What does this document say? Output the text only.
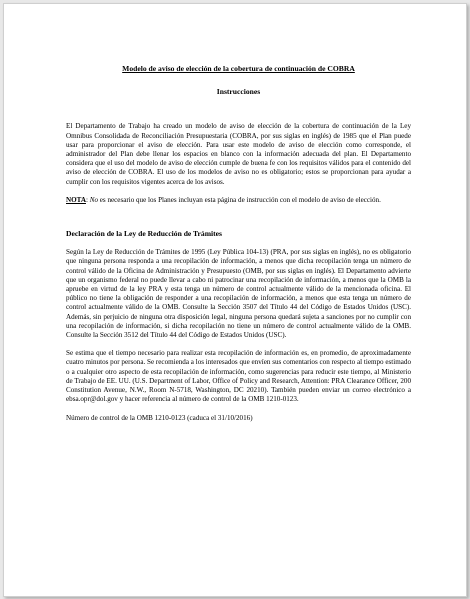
Modelo de aviso de elección de la cobertura de continuación de COBRA
Instrucciones

El Departamento de Trabajo ha creado un modelo de aviso de elección de la cobertura de continuación de la Ley Omnibus Consolidada de Reconciliación Presupuestaria (COBRA, por sus siglas en inglés) de 1985 que el Plan puede usar para proporcionar el aviso de elección. Para usar este modelo de aviso de elección como corresponde, el administrador del Plan debe llenar los espacios en blanco con la información adecuada del plan. El Departamento considera que el uso del modelo de aviso de elección cumple de buena fe con los requisitos válidos para el contenido del aviso de elección de COBRA. El uso de los modelos de aviso no es obligatorio; estos se proporcionan para ayudar a cumplir con los requisitos vigentes acerca de los avisos.

NOTA: No es necesario que los Planes incluyan esta página de instrucción con el modelo de aviso de elección.

Declaración de la Ley de Reducción de Trámites

Según la Ley de Reducción de Trámites de 1995 (Ley Pública 104-13) (PRA, por sus siglas en inglés), no es obligatorio que ninguna persona responda a una recopilación de información, a menos que dicha recopilación tenga un número de control válido de la Oficina de Administración y Presupuesto (OMB, por sus siglas en inglés). El Departamento advierte que un organismo federal no puede llevar a cabo ni patrocinar una recopilación de información, a menos que la OMB la apruebe en virtud de la ley PRA y esta tenga un número de control actualmente válido de la mencionada oficina. El público no tiene la obligación de responder a una recopilación de información, a menos que esta tenga un número de control actualmente válido de la OMB. Consulte la Sección 3507 del Título 44 del Código de Estados Unidos (USC). Además, sin perjuicio de ninguna otra disposición legal, ninguna persona quedará sujeta a sanciones por no cumplir con una recopilación de información, si dicha recopilación no tiene un número de control actualmente válido de la OMB. Consulte la Sección 3512 del Título 44 del Código de Estados Unidos (USC).

Se estima que el tiempo necesario para realizar esta recopilación de información es, en promedio, de aproximadamente cuatro minutos por persona. Se recomienda a los interesados que envíen sus comentarios con respecto al tiempo estimado o a cualquier otro aspecto de esta recopilación de información, como sugerencias para reducir este tiempo, al Ministerio de Trabajo de EE. UU. (U.S. Department of Labor, Office of Policy and Research, Attention: PRA Clearance Officer, 200 Constitution Avenue, N.W., Room N-5718, Washington, DC 20210). También pueden enviar un correo electrónico a ebsa.opr@dol.gov y hacer referencia al número de control de la OMB 1210-0123.

Número de control de la OMB 1210-0123 (caduca el 31/10/2016)
